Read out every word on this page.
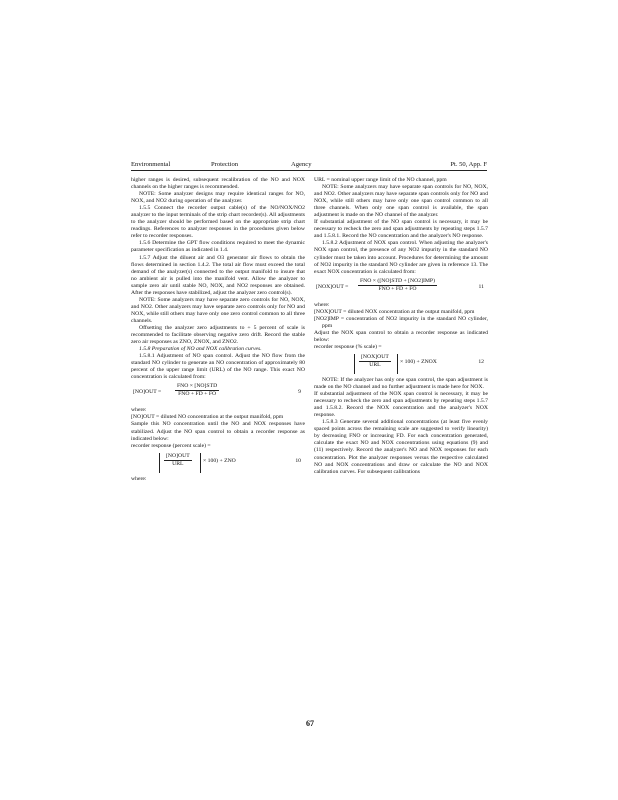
Environmental	Protection	Agency	Pt. 50, App. F

higher ranges is desired, subsequent recalibration of the NO and NOX channels on the higher ranges is recommended.

NOTE: Some analyzer designs may require identical ranges for NO, NOX, and NO2 during operation of the analyzer.

1.5.5 Connect the recorder output cable(s) of the NO/NOX/NO2 analyzer to the input terminals of the strip chart recorder(s). All adjustments to the analyzer should be performed based on the appropriate strip chart readings. References to analyzer responses in the procedures given below refer to recorder responses.

1.5.6 Determine the GPT flow conditions required to meet the dynamic parameter specification as indicated in 1.4.

1.5.7 Adjust the diluent air and O3 generator air flows to obtain the flows determined in section 1.4.2. The total air flow must exceed the total demand of the analyzer(s) connected to the output manifold to insure that no ambient air is pulled into the manifold vent. Allow the analyzer to sample zero air until stable NO, NOX, and NO2 responses are obtained. After the responses have stabilized, adjust the analyzer zero control(s).

NOTE: Some analyzers may have separate zero controls for NO, NOX, and NO2. Other analyzers may have separate zero controls only for NO and NOX, while still others may have only one zero control common to all three channels.

Offsetting the analyzer zero adjustments to + 5 percent of scale is recommended to facilitate observing negative zero drift. Record the stable zero air responses as ZNO, ZNOX, and ZNO2.

1.5.8 Preparation of NO and NOX calibration curves.

1.5.8.1 Adjustment of NO span control. Adjust the NO flow from the standard NO cylinder to generate an NO concentration of approximately 80 percent of the upper range limit (URL) of the NO range. This exact NO concentration is calculated from:

[NO]OUT =
FNO × [NO]STD
FNO + FD + FO	9

where:

[NO]OUT = diluted NO concentration at the output manifold, ppm

Sample this NO concentration until the NO and NOX responses have stabilized. Adjust the NO span control to obtain a recorder response as indicated below:

recorder response (percent scale) =

[NO]OUT
URL
× 100) + ZNO	10

where:

URL = nominal upper range limit of the NO channel, ppm

NOTE: Some analyzers may have separate span controls for NO, NOX, and NO2. Other analyzers may have separate span controls only for NO and NOX, while still others may have only one span control common to all three channels. When only one span control is available, the span adjustment is made on the NO channel of the analyzer.

If substantial adjustment of the NO span control is necessary, it may be necessary to recheck the zero and span adjustments by repeating steps 1.5.7 and 1.5.8.1. Record the NO concentration and the analyzer's NO response.

1.5.8.2 Adjustment of NOX span control. When adjusting the analyzer's NOX span control, the presence of any NO2 impurity in the standard NO cylinder must be taken into account. Procedures for determining the amount of NO2 impurity in the standard NO cylinder are given in reference 13. The exact NOX concentration is calculated from:

[NOX]OUT =
FNO × ([NO]STD + [NO2]IMP)
FNO + FD + FO	11

where:

[NOX]OUT = diluted NOX concentration at the output manifold, ppm

[NO2]IMP = concentration of NO2 impurity in the standard NO cylinder, ppm

Adjust the NOX span control to obtain a recorder response as indicated below:

recorder response (% scale) =

[NOX]OUT
URL
× 100) + ZNOX	12

NOTE: If the analyzer has only one span control, the span adjustment is made on the NO channel and no further adjustment is made here for NOX.

If substantial adjustment of the NOX span control is necessary, it may be necessary to recheck the zero and span adjustments by repeating steps 1.5.7 and 1.5.8.2. Record the NOX concentration and the analyzer's NOX response.

1.5.8.3 Generate several additional concentrations (at least five evenly spaced points across the remaining scale are suggested to verify linearity) by decreasing FNO or increasing FD. For each concentration generated, calculate the exact NO and NOX concentrations using equations (9) and (11) respectively. Record the analyzer's NO and NOX responses for each concentration. Plot the analyzer responses versus the respective calculated NO and NOX concentrations and draw or calculate the NO and NOX calibration curves. For subsequent calibrations

67
